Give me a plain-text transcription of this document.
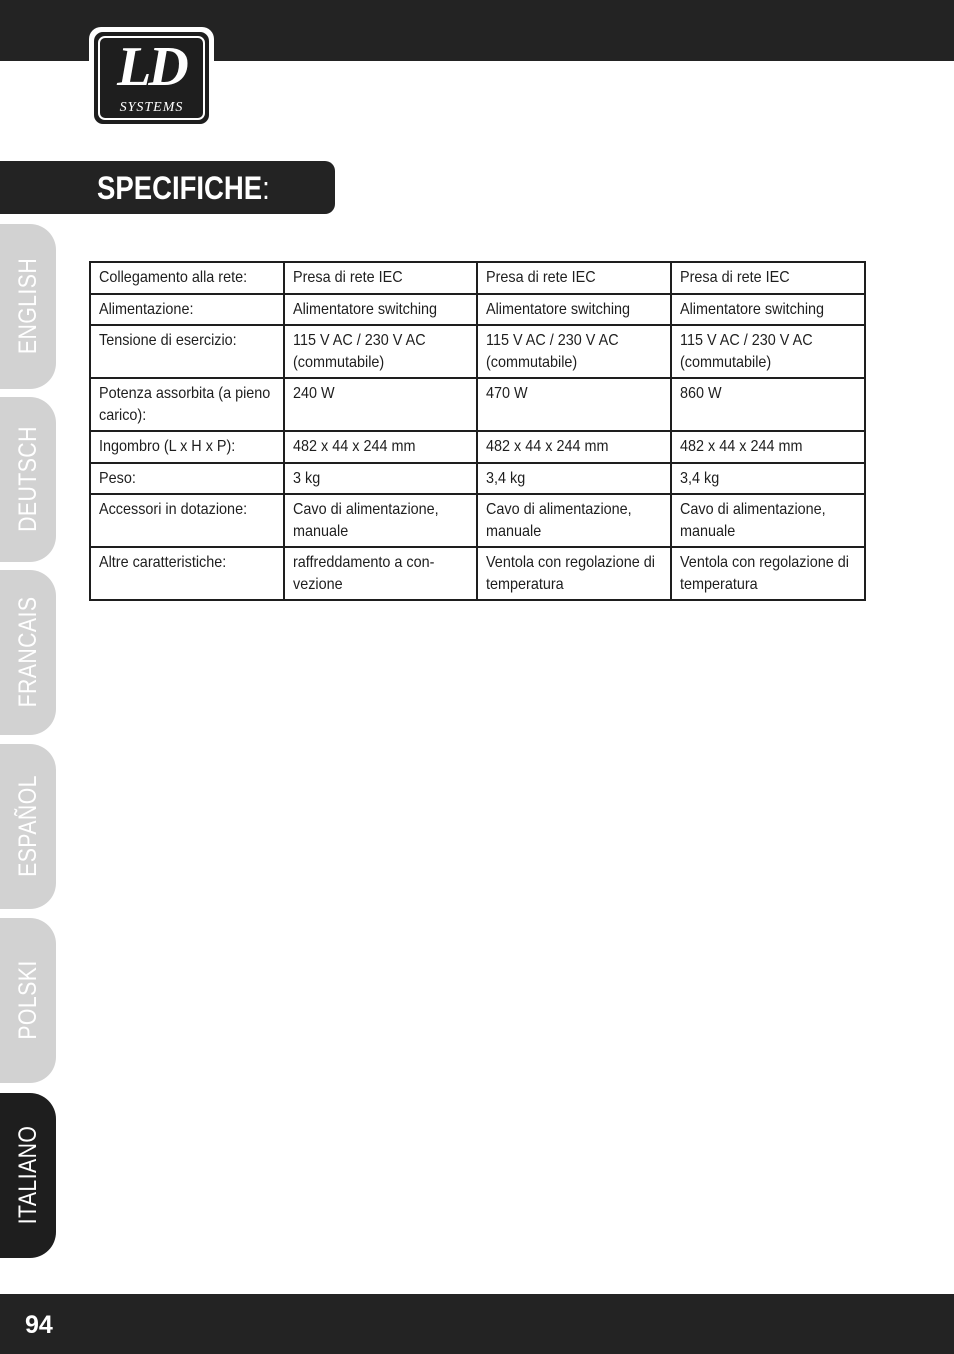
LD
SYSTEMS
SPECIFICHE:
ENGLISH
DEUTSCH
FRANCAIS
ESPAÑOL
POLSKI
ITALIANO
Collegamento alla rete:	Presa di rete IEC	Presa di rete IEC	Presa di rete IEC
Alimentazione:	Alimentatore switching	Alimentatore switching	Alimentatore switching
Tensione di esercizio:	115 V AC / 230 V AC (commutabile)	115 V AC / 230 V AC (commutabile)	115 V AC / 230 V AC (commutabile)
Potenza assorbita (a pieno carico):	240 W	470 W	860 W
Ingombro (L x H x P):	482 x 44 x 244 mm	482 x 44 x 244 mm	482 x 44 x 244 mm
Peso:	3 kg	3,4 kg	3,4 kg
Accessori in dotazione:	Cavo di alimentazione, manuale	Cavo di alimentazione, manuale	Cavo di alimentazione, manuale
Altre caratteristiche:	raffreddamento a con-vezione	Ventola con regolazione di temperatura	Ventola con regolazione di temperatura
94
